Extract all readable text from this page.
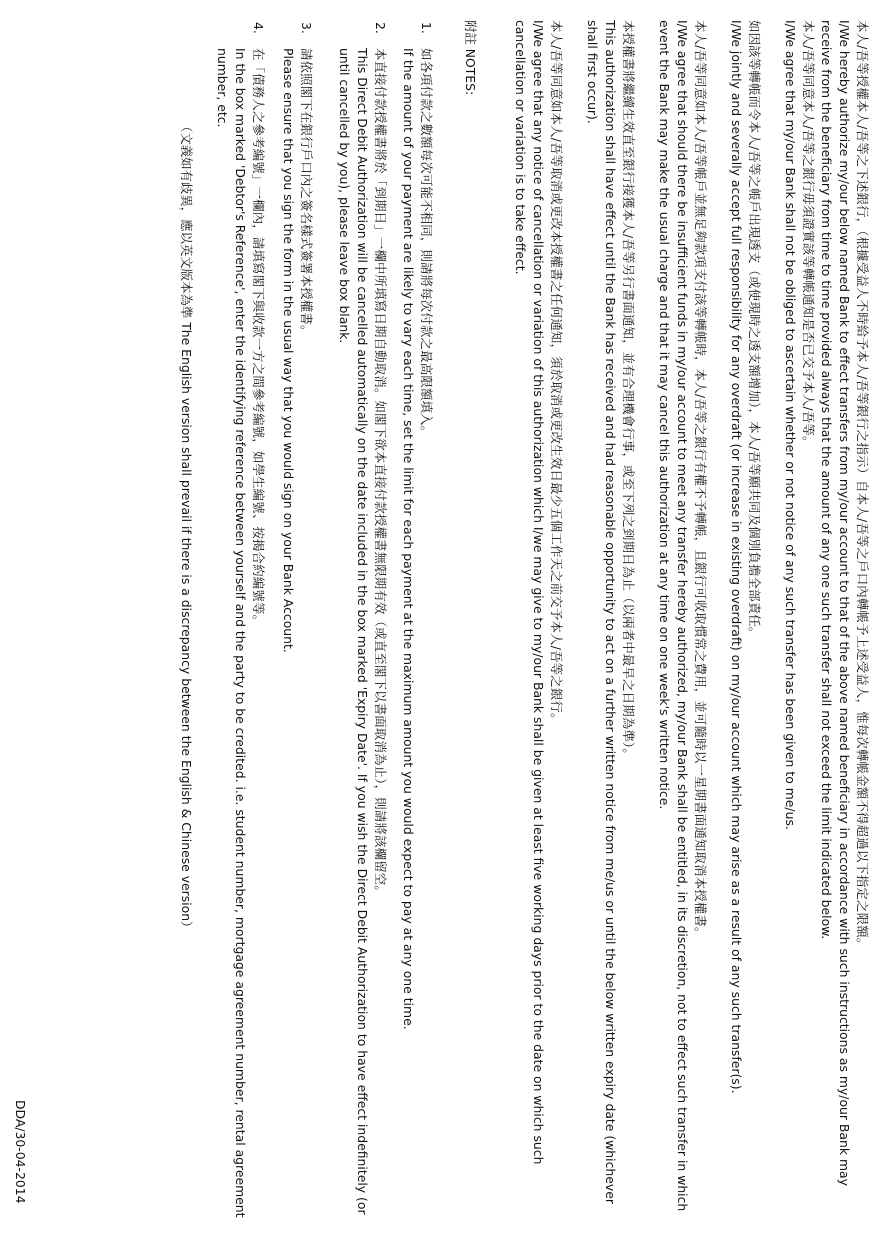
本人/吾等授權本人/吾等之下述銀行，（根據受益人不時給予本人/吾等銀行之指示）自本人/吾等之戶口內轉帳予上述受益人，惟每次轉帳金額不得超過以下指定之限額。

I/We hereby authorize my/our below named Bank to effect transfers from my/our account to that of the above named beneficiary in accordance with such instructions as my/our Bank may receive from the beneficiary from time to time provided always that the amount of any one such transfer shall not exceed the limit indicated below.

本人/吾等同意本人/吾等之銀行毋須證實該等轉帳通知是否已交予本人/吾等。

I/We agree that my/our Bank shall not be obliged to ascertain whether or not notice of any such transfer has been given to me/us.

如因該等轉帳而令本人/吾等之帳戶出現透支（或使現時之透支額增加），本人/吾等願共同及個別負擔全部責任。

I/We jointly and severally accept full responsibility for any overdraft (or increase in existing overdraft) on my/our account which may arise as a result of any such transfer(s).

本人/吾等同意如本人/吾等帳戶並無足夠款項支付該等轉帳時，本人/吾等之銀行有權不予轉帳，且銀行可收取慣常之費用，並可隨時以一星期書面通知取消本授權書。

I/We agree that should there be insufficient funds in my/our account to meet any transfer hereby authorized, my/our Bank shall be entitled, in its discretion, not to effect such transfer in which event the Bank may make the usual charge and that it may cancel this authorization at any time on one week's written notice.

本授權書將繼續生效直至銀行接獲本人/吾等另行書面通知，並有合理機會行事，或至下列之到期日為止（以兩者中最早之日期為準）。

This authorization shall have effect until the Bank has received and had reasonable opportunity to act on a further written notice from me/us or until the below written expiry date (whichever shall first occur).

本人/吾等同意如本人/吾等取消或更改本授權書之任何通知，須於取消或更改生效日最少五個工作天之前交予本人/吾等之銀行。

I/We agree that any notice of cancellation or variation of this authorization which I/we may give to my/our Bank shall be given at least five working days prior to the date on which such cancellation or variation is to take effect.

附註 NOTES:
1.
如各項付款之數額每次可能不相同，則請將每次付款之最高限額填入。
If the amount of your payment are likely to vary each time, set the limit for each payment at the maximum amount you would expect to pay at any one time.
2.
本直接付款授權書將於「到期日」一欄中所填寫日期自動取消。如閣下欲本直接付款授權書無限期有效（或直至閣下以書面取消為止），則請將該欄留空。
This Direct Debit Authorization will be cancelled automatically on the date included in the box marked 'Expiry Date'. If you wish the Direct Debit Authorization to have effect indefinitely (or until cancelled by you), please leave box blank.
3.
請依照閣下在銀行戶口內之簽名樣式簽署本授權書。
Please ensure that you sign the form in the usual way that you would sign on your Bank Account.
4.
在「債務人之參考編號」一欄內，請填寫閣下與收款一方之間參考編號，如學生編號、按揭合約編號等。
In the box marked 'Debtor's Reference', enter the identifying reference between yourself and the party to be credited. i.e. student number, mortgage agreement number, rental agreement number, etc.
（文義如有歧異，應以英文版本為準 The English version shall prevail if there is a discrepancy between the English & Chinese version）
DDA/30-04-2014
